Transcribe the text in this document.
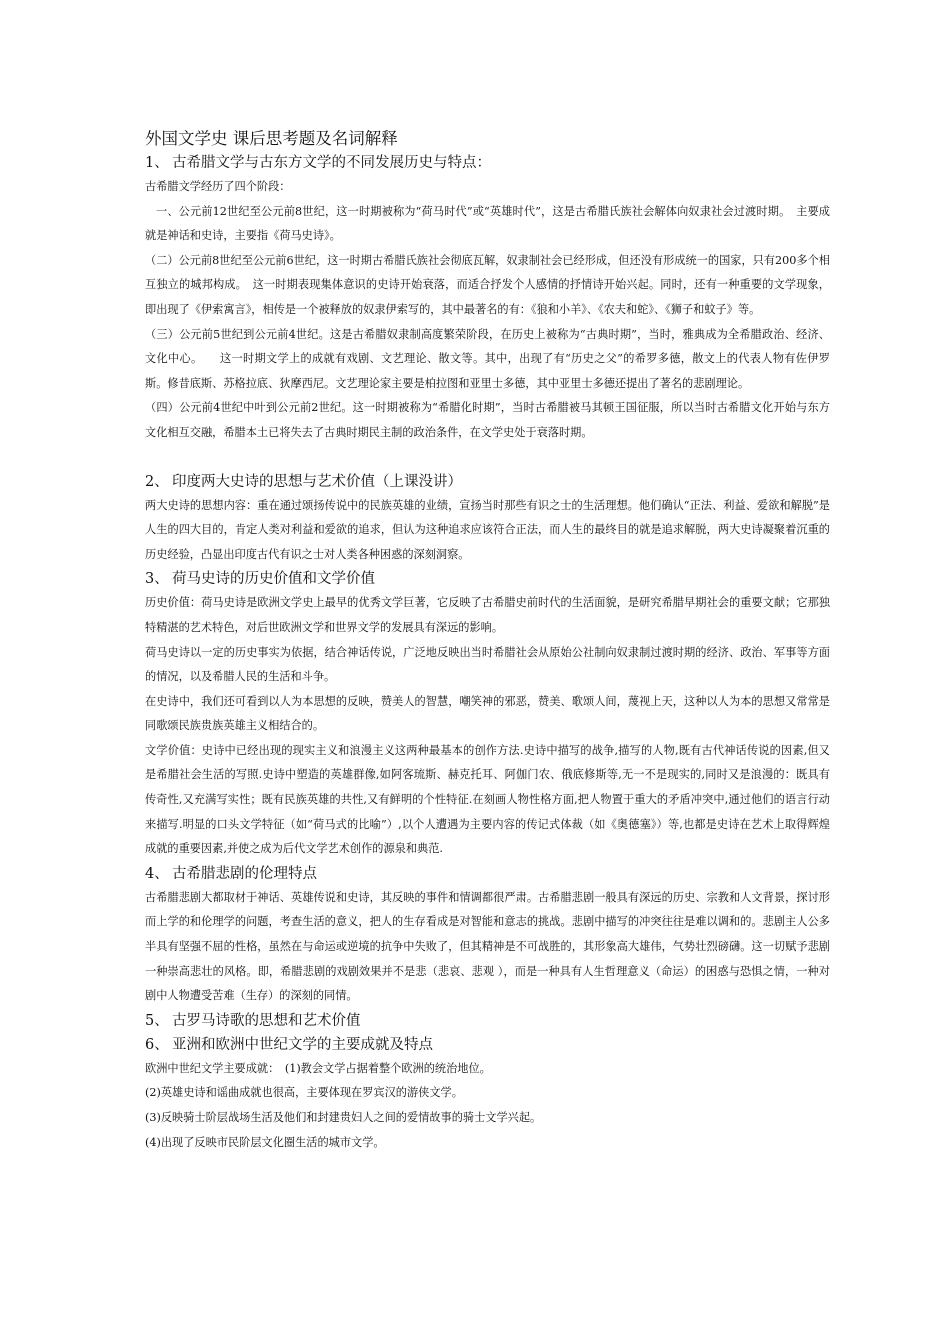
外国文学史 课后思考题及名词解释
1、 古希腊文学与古东方文学的不同发展历史与特点：

古希腊文学经历了四个阶段：

一、公元前12世纪至公元前8世纪，这一时期被称为“荷马时代”或“英雄时代”，这是古希腊氏族社会解体向奴隶社会过渡时期。　主要成就是神话和史诗，主要指《荷马史诗》。

（二）公元前8世纪至公元前6世纪，这一时期古希腊氏族社会彻底瓦解，奴隶制社会已经形成，但还没有形成统一的国家，只有200多个相互独立的城邦构成。　这一时期表现集体意识的史诗开始衰落，而适合抒发个人感情的抒情诗开始兴起。同时，还有一种重要的文学现象，即出现了《伊索寓言》，相传是一个被释放的奴隶伊索写的，其中最著名的有：《狼和小羊》、《农夫和蛇》、《狮子和蚊子》等。

（三）公元前5世纪到公元前4世纪。这是古希腊奴隶制高度繁荣阶段，在历史上被称为“古典时期”，当时，雅典成为全希腊政治、经济、文化中心。　　这一时期文学上的成就有戏剧、文艺理论、散文等。其中，出现了有“历史之父”的希罗多德，散文上的代表人物有佐伊罗斯。修昔底斯、苏格拉底、狄摩西尼。文艺理论家主要是柏拉图和亚里士多德，其中亚里士多德还提出了著名的悲剧理论。

（四）公元前4世纪中叶到公元前2世纪。这一时期被称为“希腊化时期”，当时古希腊被马其顿王国征服，所以当时古希腊文化开始与东方文化相互交融，希腊本土已将失去了古典时期民主制的政治条件，在文学史处于衰落时期。

2、 印度两大史诗的思想与艺术价值（上课没讲）

两大史诗的思想内容：重在通过颂扬传说中的民族英雄的业绩，宣扬当时那些有识之士的生活理想。他们确认“正法、利益、爱欲和解脱”是人生的四大目的，肯定人类对利益和爱欲的追求，但认为这种追求应该符合正法，而人生的最终目的就是追求解脱，两大史诗凝聚着沉重的历史经验，凸显出印度古代有识之士对人类各种困惑的深刻洞察。

3、 荷马史诗的历史价值和文学价值

历史价值：荷马史诗是欧洲文学史上最早的优秀文学巨著，它反映了古希腊史前时代的生活面貌，是研究希腊早期社会的重要文献；它那独特精湛的艺术特色，对后世欧洲文学和世界文学的发展具有深远的影响。

荷马史诗以一定的历史事实为依据，结合神话传说，广泛地反映出当时希腊社会从原始公社制向奴隶制过渡时期的经济、政治、军事等方面的情况，以及希腊人民的生活和斗争。

在史诗中，我们还可看到以人为本思想的反映，赞美人的智慧，嘲笑神的邪恶，赞美、歌颂人间，蔑视上天，这种以人为本的思想又常常是同歌颂民族贵族英雄主义相结合的。

文学价值：史诗中已经出现的现实主义和浪漫主义这两种最基本的创作方法.史诗中描写的战争,描写的人物,既有古代神话传说的因素,但又是希腊社会生活的写照.史诗中塑造的英雄群像,如阿客琉斯、赫克托耳、阿伽门农、俄底修斯等,无一不是现实的,同时又是浪漫的：既具有传奇性,又充满写实性；既有民族英雄的共性,又有鲜明的个性特征.在刻画人物性格方面,把人物置于重大的矛盾冲突中,通过他们的语言行动来描写.明显的口头文学特征（如“荷马式的比喻”）,以个人遭遇为主要内容的传记式体裁（如《奥德塞》）等,也都是史诗在艺术上取得辉煌成就的重要因素,并使之成为后代文学艺术创作的源泉和典范.

4、 古希腊悲剧的伦理特点

古希腊悲剧大都取材于神话、英雄传说和史诗，其反映的事件和情调都很严肃。古希腊悲剧一般具有深远的历史、宗教和人文背景，探讨形而上学的和伦理学的问题，考查生活的意义，把人的生存看成是对智能和意志的挑战。悲剧中描写的冲突往往是难以调和的。悲剧主人公多半具有坚强不屈的性格，虽然在与命运或逆境的抗争中失败了，但其精神是不可战胜的，其形象高大雄伟，气势壮烈磅礴。这一切赋予悲剧一种崇高悲壮的风格。即，希腊悲剧的戏剧效果并不是悲（悲哀、悲观 ），而是一种具有人生哲理意义（命运）的困惑与恐惧之情，一种对剧中人物遭受苦难（生存）的深刻的同情。

5、 古罗马诗歌的思想和艺术价值
6、 亚洲和欧洲中世纪文学的主要成就及特点

欧洲中世纪文学主要成就：　(1)教会文学占据着整个欧洲的统治地位。

(2)英雄史诗和谣曲成就也很高，主要体现在罗宾汉的游侠文学。

(3)反映骑士阶层战场生活及他们和封建贵妇人之间的爱情故事的骑士文学兴起。

(4)出现了反映市民阶层文化圈生活的城市文学。
